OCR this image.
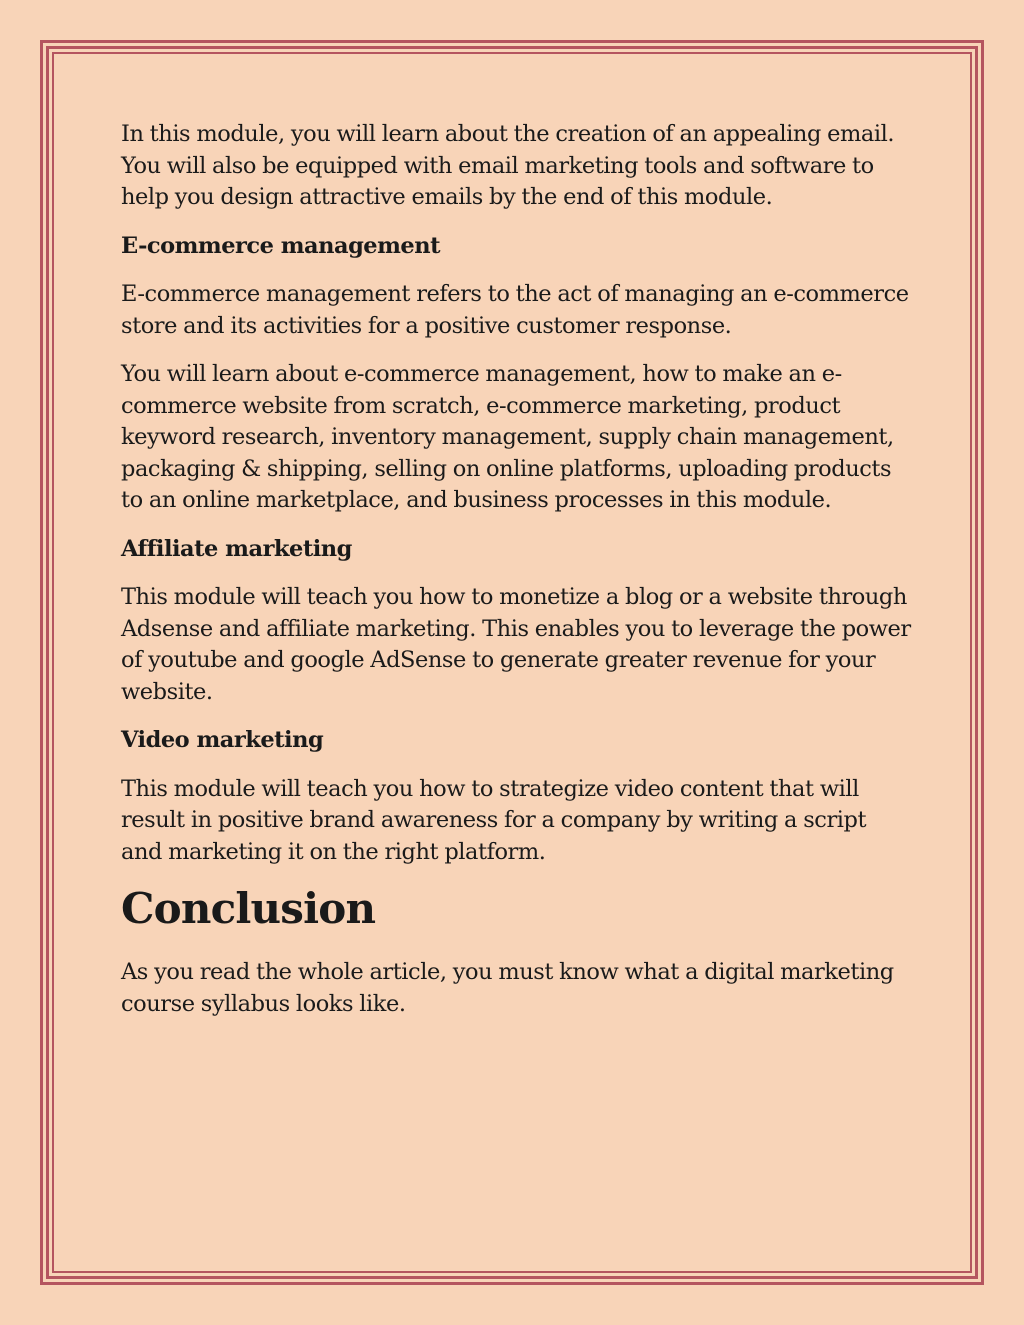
In this module, you will learn about the creation of an appealing email. You will also be equipped with email marketing tools and software to help you design attractive emails by the end of this module.

E-commerce management

E-commerce management refers to the act of managing an e-commerce store and its activities for a positive customer response.

You will learn about e-commerce management, how to make an e-commerce website from scratch, e-commerce marketing, product keyword research, inventory management, supply chain management, packaging & shipping, selling on online platforms, uploading products to an online marketplace, and business processes in this module.

Affiliate marketing

This module will teach you how to monetize a blog or a website through Adsense and affiliate marketing. This enables you to leverage the power of youtube and google AdSense to generate greater revenue for your website.

Video marketing

This module will teach you how to strategize video content that will result in positive brand awareness for a company by writing a script and marketing it on the right platform.

Conclusion

As you read the whole article, you must know what a digital marketing course syllabus looks like.
